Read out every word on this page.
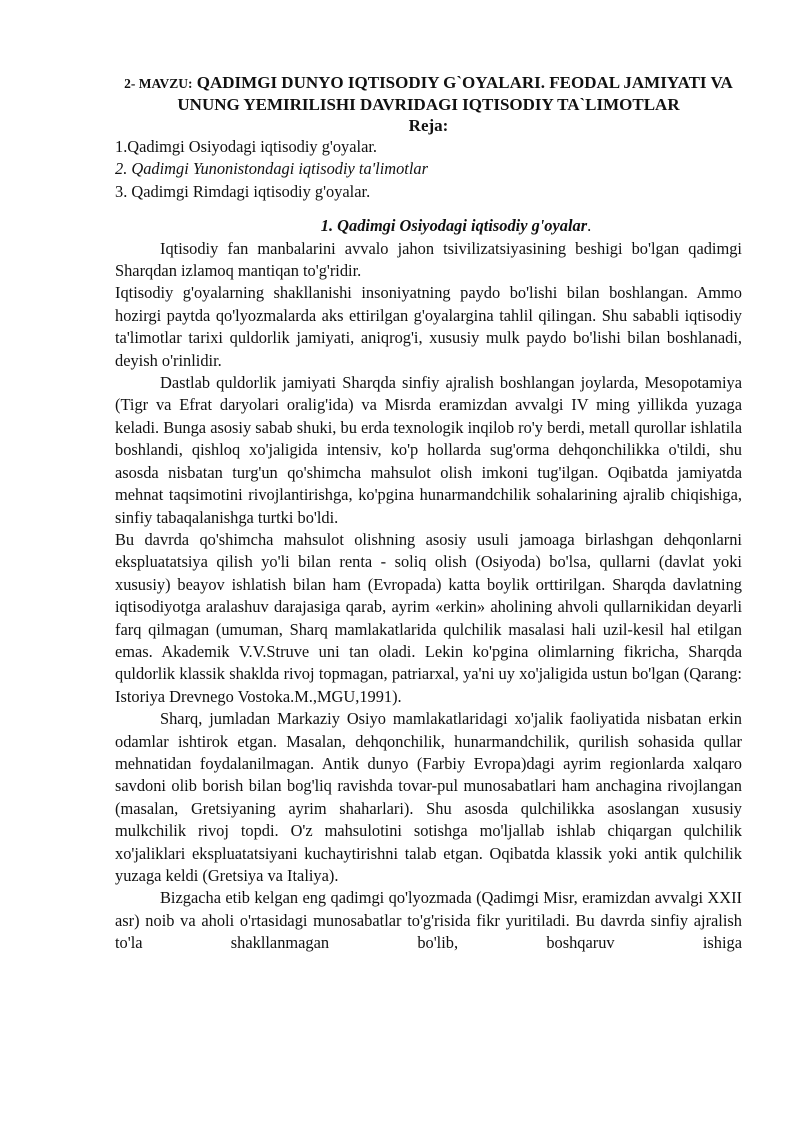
2- MAVZU: QADIMGI DUNYO IQTISODIY G`OYALARI. FEODAL JAMIYATI VA UNUNG YEMIRILISHI DAVRIDAGI IQTISODIY TA`LIMOTLAR

Reja:

1.Qadimgi Osiyodagi iqtisodiy g'oyalar.
2. Qadimgi Yunonistondagi iqtisodiy ta'limotlar
3. Qadimgi Rimdagi iqtisodiy g'oyalar.

1. Qadimgi Osiyodagi iqtisodiy g'oyalar.

Iqtisodiy fan manbalarini avvalo jahon tsivilizatsiyasining beshigi bo'lgan qadimgi Sharqdan izlamoq mantiqan to'g'ridir.

Iqtisodiy g'oyalarning shakllanishi insoniyatning paydo bo'lishi bilan boshlangan. Ammo hozirgi paytda qo'lyozmalarda aks ettirilgan g'oyalargina tahlil qilingan. Shu sababli iqtisodiy ta'limotlar tarixi quldorlik jamiyati, aniqrog'i, xususiy mulk paydo bo'lishi bilan boshlanadi, deyish o'rinlidir.

Dastlab quldorlik jamiyati Sharqda sinfiy ajralish boshlangan joylarda, Mesopotamiya (Tigr va Efrat daryolari oralig'ida) va Misrda eramizdan avvalgi IV ming yillikda yuzaga keladi. Bunga asosiy sabab shuki, bu erda texnologik inqilob ro'y berdi, metall qurollar ishlatila boshlandi, qishloq xo'jaligida intensiv, ko'p hollarda sug'orma dehqonchilikka o'tildi, shu asosda nisbatan turg'un qo'shimcha mahsulot olish imkoni tug'ilgan. Oqibatda jamiyatda mehnat taqsimotini rivojlantirishga, ko'pgina hunarmandchilik sohalarining ajralib chiqishiga, sinfiy tabaqalanishga turtki bo'ldi.

Bu davrda qo'shimcha mahsulot olishning asosiy usuli jamoaga birlashgan dehqonlarni ekspluatatsiya qilish yo'li bilan renta - soliq olish (Osiyoda) bo'lsa, qullarni (davlat yoki xususiy) beayov ishlatish bilan ham (Evropada) katta boylik orttirilgan. Sharqda davlatning iqtisodiyotga aralashuv darajasiga qarab, ayrim «erkin» aholining ahvoli qullarnikidan deyarli farq qilmagan (umuman, Sharq mamlakatlarida qulchilik masalasi hali uzil-kesil hal etilgan emas. Akademik V.V.Struve uni tan oladi. Lekin ko'pgina olimlarning fikricha, Sharqda quldorlik klassik shaklda rivoj topmagan, patriarxal, ya'ni uy xo'jaligida ustun bo'lgan (Qarang: Istoriya Drevnego Vostoka.M.,MGU,1991).

Sharq, jumladan Markaziy Osiyo mamlakatlaridagi xo'jalik faoliyatida nisbatan erkin odamlar ishtirok etgan. Masalan, dehqonchilik, hunarmandchilik, qurilish sohasida qullar mehnatidan foydalanilmagan. Antik dunyo (Farbiy Evropa)dagi ayrim regionlarda xalqaro savdoni olib borish bilan bog'liq ravishda tovar-pul munosabatlari ham anchagina rivojlangan (masalan, Gretsiyaning ayrim shaharlari). Shu asosda qulchilikka asoslangan xususiy mulkchilik rivoj topdi. O'z mahsulotini sotishga mo'ljallab ishlab chiqargan qulchilik xo'jaliklari ekspluatatsiyani kuchaytirishni talab etgan. Oqibatda klassik yoki antik qulchilik yuzaga keldi (Gretsiya va Italiya).

Bizgacha etib kelgan eng qadimgi qo'lyozmada (Qadimgi Misr, eramizdan avvalgi XXII asr) noib va aholi o'rtasidagi munosabatlar to'g'risida fikr yuritiladi. Bu davrda sinfiy ajralish to'la shakllanmagan bo'lib, boshqaruv ishiga
